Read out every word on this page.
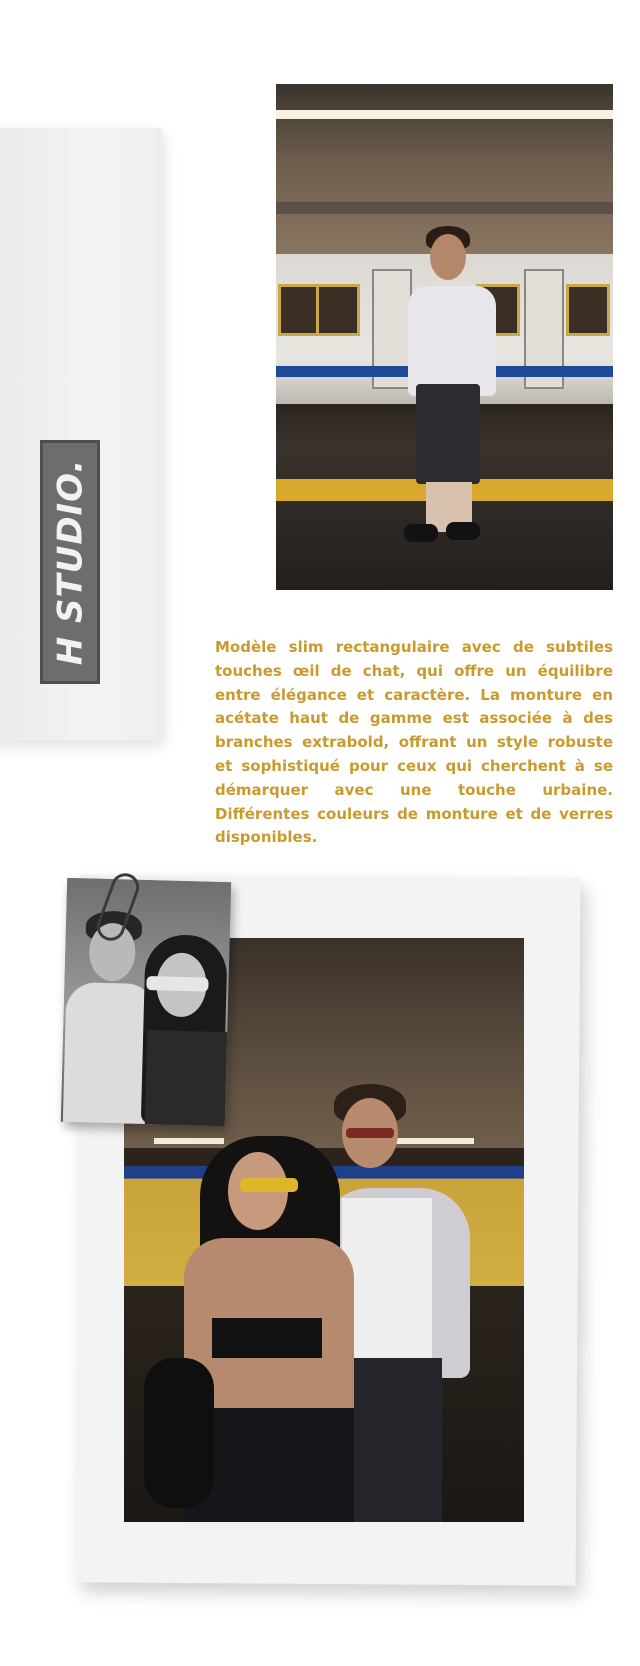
H STUDIO.	Modèle slim rectangulaire avec de subtiles touches œil de chat, qui offre un équilibre entre élégance et caractère. La monture en acétate haut de gamme est associée à des branches extrabold, offrant un style robuste et sophistiqué pour ceux qui cherchent à se démarquer avec une touche urbaine. Différentes couleurs de monture et de verres disponibles.
